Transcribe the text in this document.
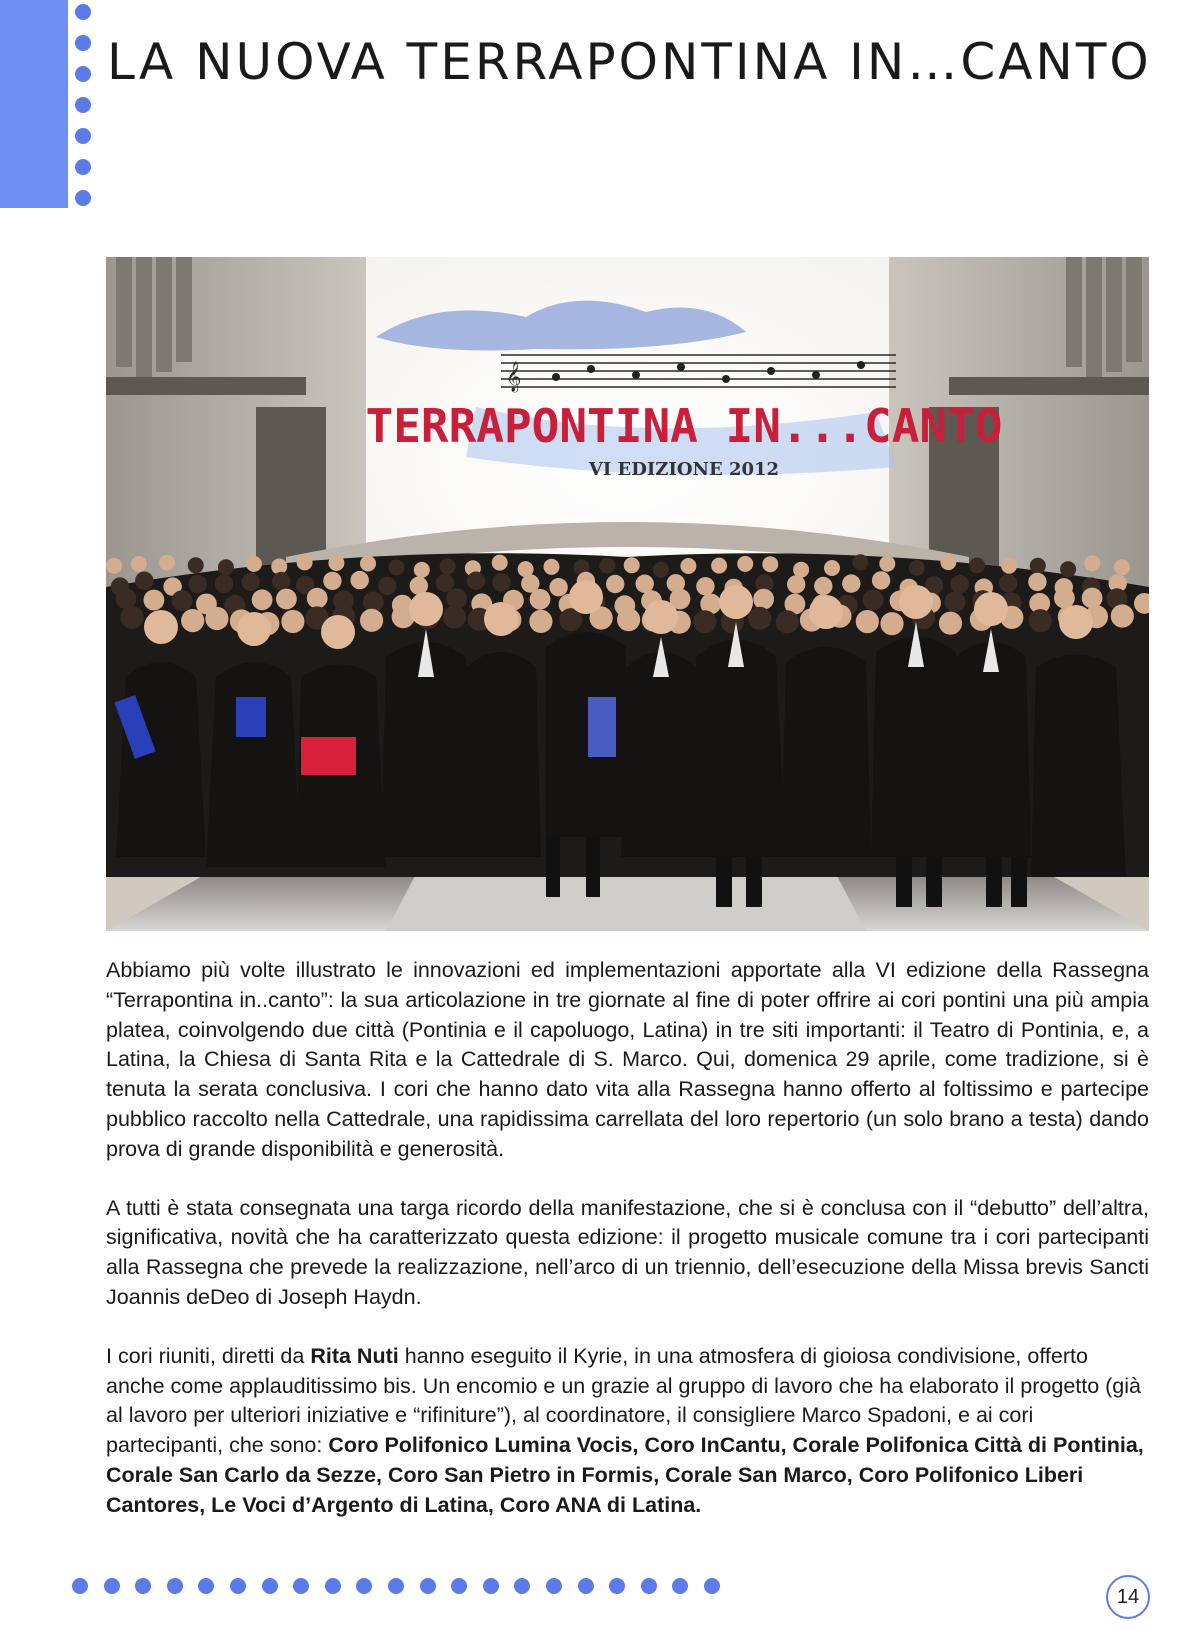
LA NUOVA TERRAPONTINA IN…CANTO
𝄞
TERRAPONTINA IN...CANTO
VI EDIZIONE 2012

Abbiamo più volte illustrato le innovazioni ed implementazioni apportate alla VI edizione della Rassegna “Terrapontina in..canto”: la sua articolazione in tre giornate al fine di poter offrire ai cori pontini una più ampia platea, coinvolgendo due città (Pontinia e il capoluogo, Latina) in tre siti importanti: il Teatro di Pontinia, e, a Latina, la Chiesa di Santa Rita e la Cattedrale di S. Marco. Qui, domenica 29 aprile, come tradizione, si è tenuta la serata conclusiva. I cori che hanno dato vita alla Rassegna hanno offerto al foltissimo e partecipe pubblico raccolto nella Cattedrale, una rapidissima carrellata del loro repertorio (un solo brano a testa) dando prova di grande disponibilità e generosità.

A tutti è stata consegnata una targa ricordo della manifestazione, che si è conclusa con il “debutto” dell’altra, significativa, novità che ha caratterizzato questa edizione: il progetto musicale comune tra i cori partecipanti alla Rassegna che prevede la realizzazione, nell’arco di un triennio, dell’esecuzione della Missa brevis Sancti Joannis deDeo di Joseph Haydn.

I cori riuniti, diretti da Rita Nuti hanno eseguito il Kyrie, in una atmosfera di gioiosa condivisione, offerto anche come applauditissimo bis. Un encomio e un grazie al gruppo di lavoro che ha elaborato il progetto (già al lavoro per ulteriori iniziative e “rifiniture”), al coordinatore, il consigliere Marco Spadoni, e ai cori partecipanti, che sono: Coro Polifonico Lumina Vocis, Coro InCantu, Corale Polifonica Città di Pontinia, Corale San Carlo da Sezze, Coro San Pietro in Formis, Corale San Marco, Coro Polifonico Liberi Cantores, Le Voci d’Argento di Latina, Coro ANA di Latina.

14
